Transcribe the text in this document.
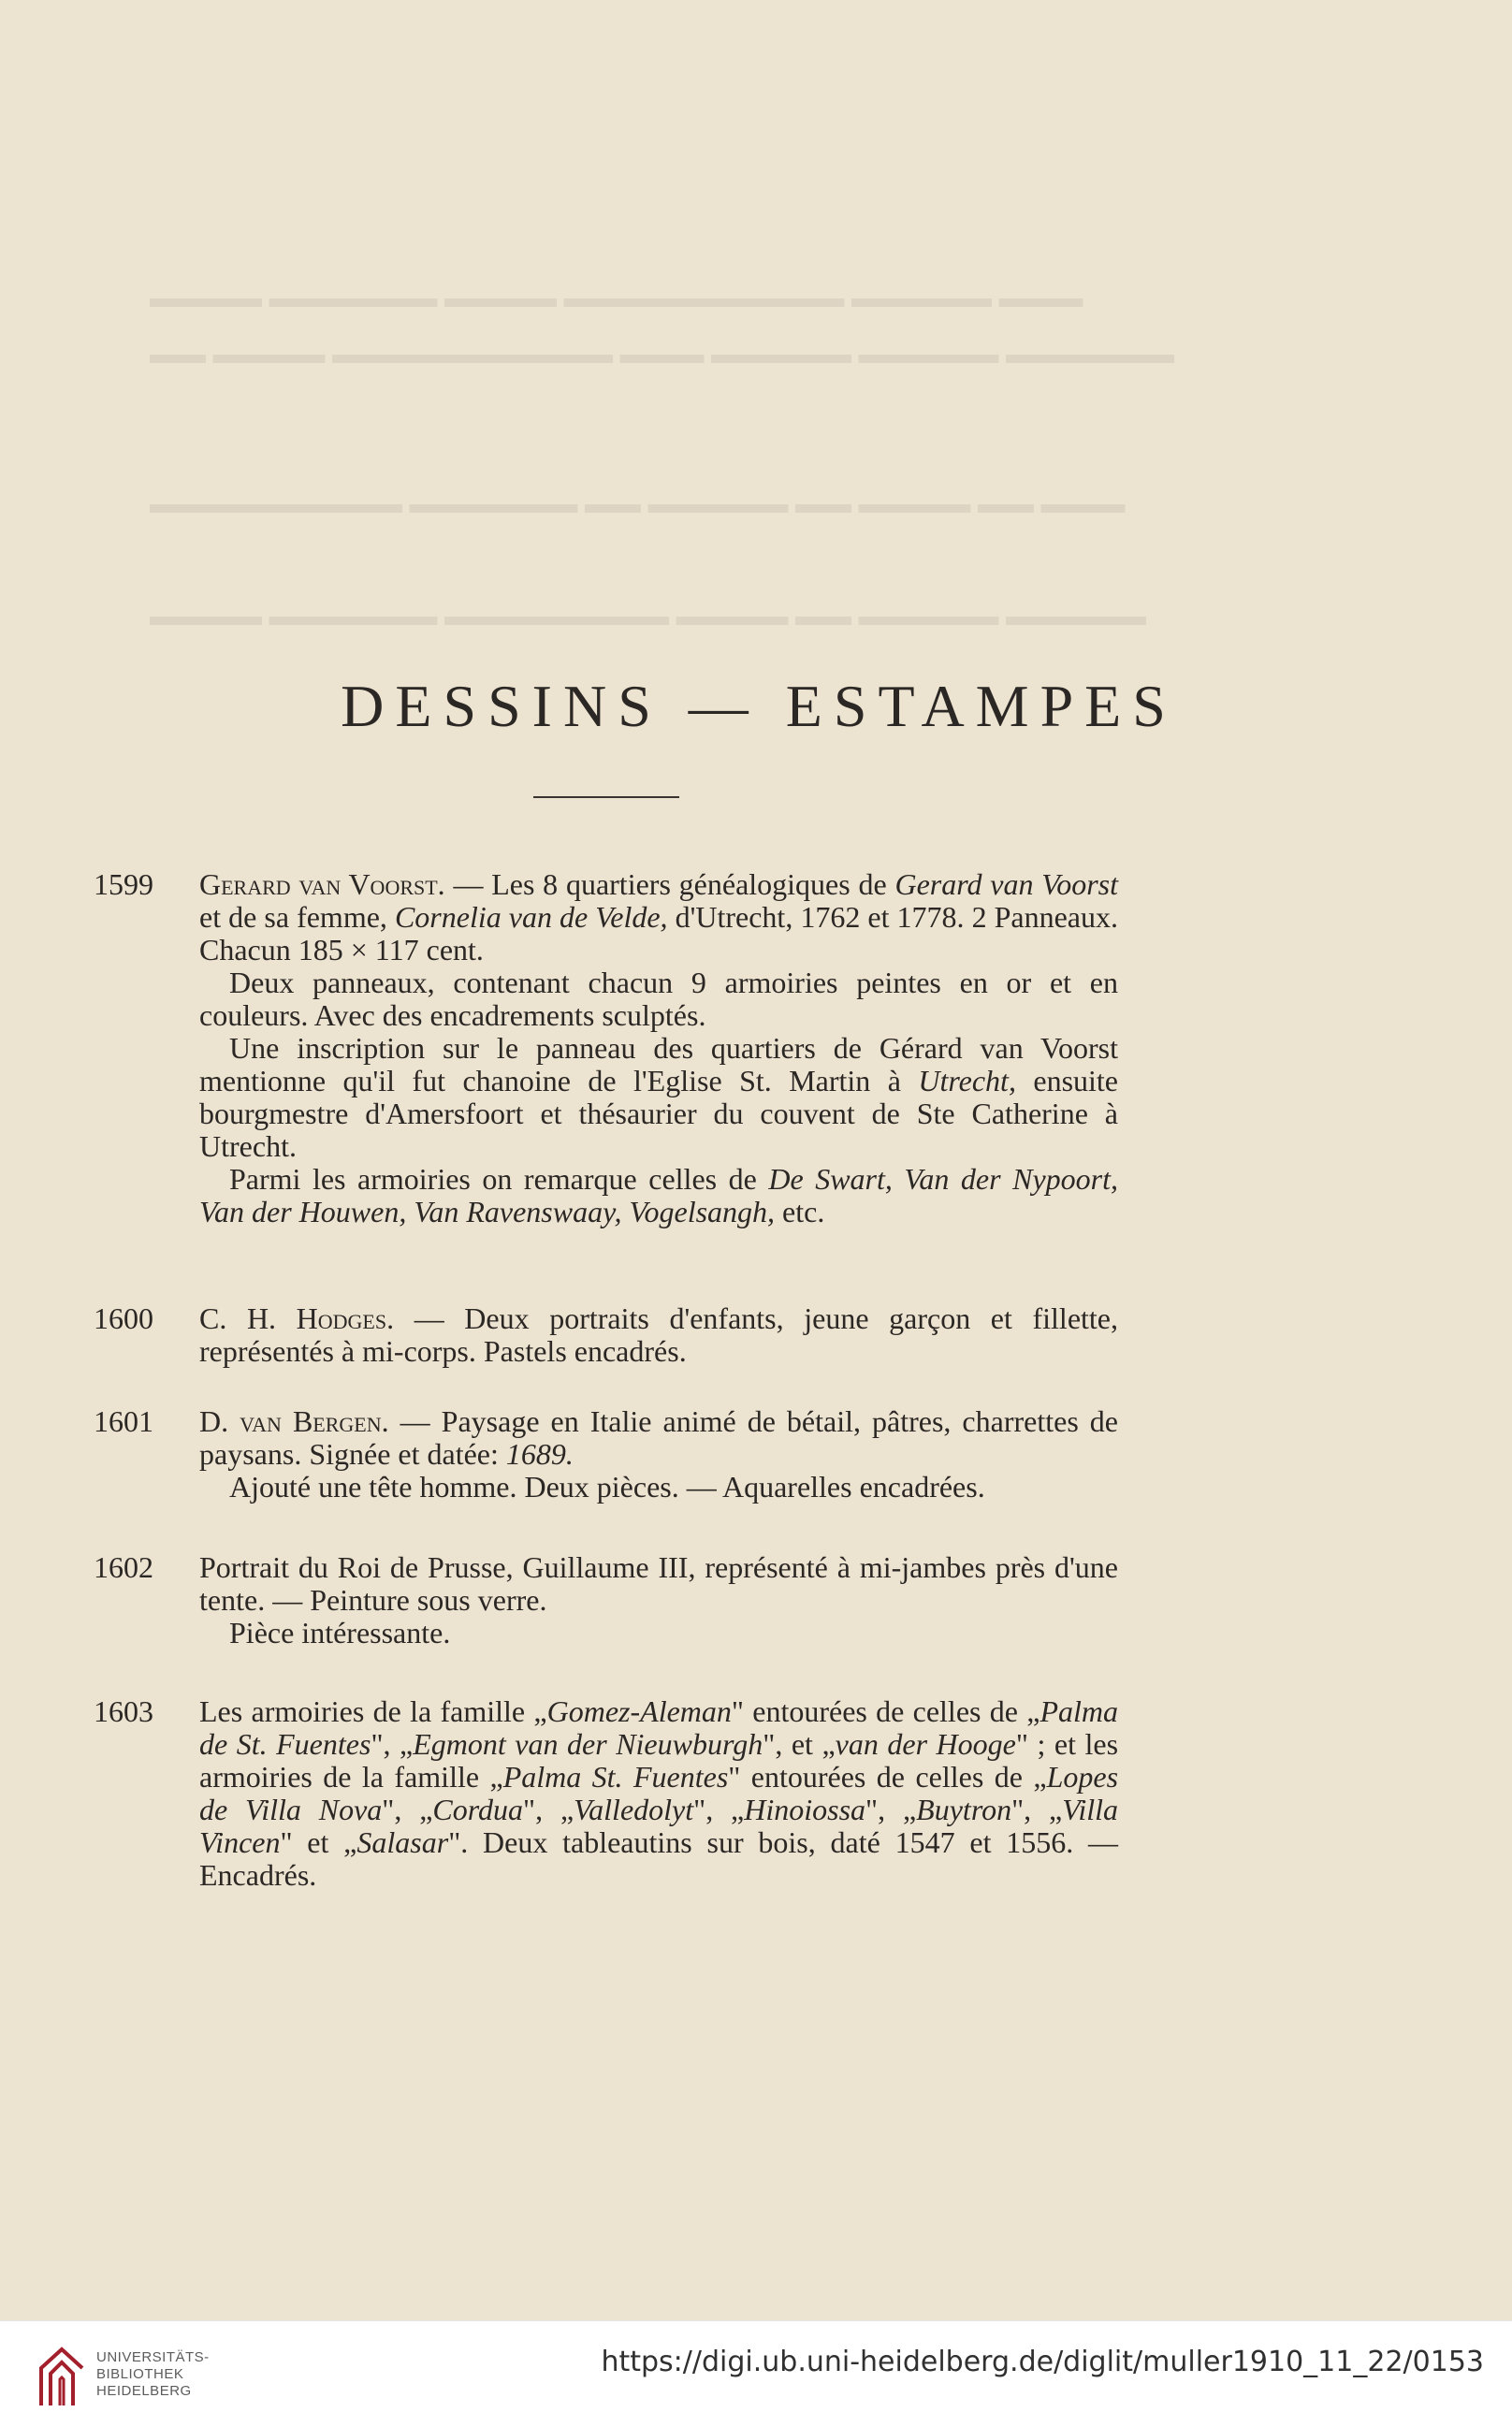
▬▬▬ ▬▬▬▬▬ ▬▬▬▬▬▬▬▬▬▬ ▬▬▬▬ ▬▬▬▬▬▬ ▬▬▬▬
▬▬▬▬▬▬ ▬▬▬▬▬ ▬▬▬▬▬ ▬▬▬ ▬▬▬▬▬▬▬▬▬▬ ▬▬▬▬ ▬▬
▬▬▬ ▬▬ ▬▬▬▬ ▬▬ ▬▬▬▬▬ ▬▬ ▬▬▬▬▬▬ ▬▬▬▬▬▬▬▬▬
▬▬▬▬▬ ▬▬▬▬▬ ▬▬ ▬▬▬▬ ▬▬▬▬▬▬▬▬ ▬▬▬▬▬▬ ▬▬▬▬
DESSINS — ESTAMPES
1599 Gerard van Voorst. — Les 8 quartiers généalogiques de Gerard van Voorst et de sa femme, Cornelia van de Velde, d'Utrecht, 1762 et 1778. 2 Panneaux. Chacun 185 × 117 cent.

Deux panneaux, contenant chacun 9 armoiries peintes en or et en couleurs. Avec des encadrements sculptés.

Une inscription sur le panneau des quartiers de Gérard van Voorst mentionne qu'il fut chanoine de l'Eglise St. Martin à Utrecht, ensuite bourgmestre d'Amersfoort et thésaurier du couvent de Ste Catherine à Utrecht.

Parmi les armoiries on remarque celles de De Swart, Van der Nypoort, Van der Houwen, Van Ravenswaay, Vogelsangh, etc.

1600 C. H. Hodges. — Deux portraits d'enfants, jeune garçon et fillette, représentés à mi-corps. Pastels encadrés.

1601 D. van Bergen. — Paysage en Italie animé de bétail, pâtres, charrettes de paysans. Signée et datée: 1689.

Ajouté une tête homme. Deux pièces. — Aquarelles encadrées.

1602 Portrait du Roi de Prusse, Guillaume III, représenté à mi-jambes près d'une tente. — Peinture sous verre.

Pièce intéressante.

1603 Les armoiries de la famille „Gomez-Aleman" entourées de celles de „Palma de St. Fuentes", „Egmont van der Nieuwburgh", et „van der Hooge" ; et les armoiries de la famille „Palma St. Fuentes" entourées de celles de „Lopes de Villa Nova", „Cordua", „Valledolyt", „Hinoiossa", „Buytron", „Villa Vincen" et „Salasar". Deux tableautins sur bois, daté 1547 et 1556. — Encadrés.

UNIVERSITÄTS-
BIBLIOTHEK
HEIDELBERG
https://digi.ub.uni-heidelberg.de/diglit/muller1910_11_22/0153
